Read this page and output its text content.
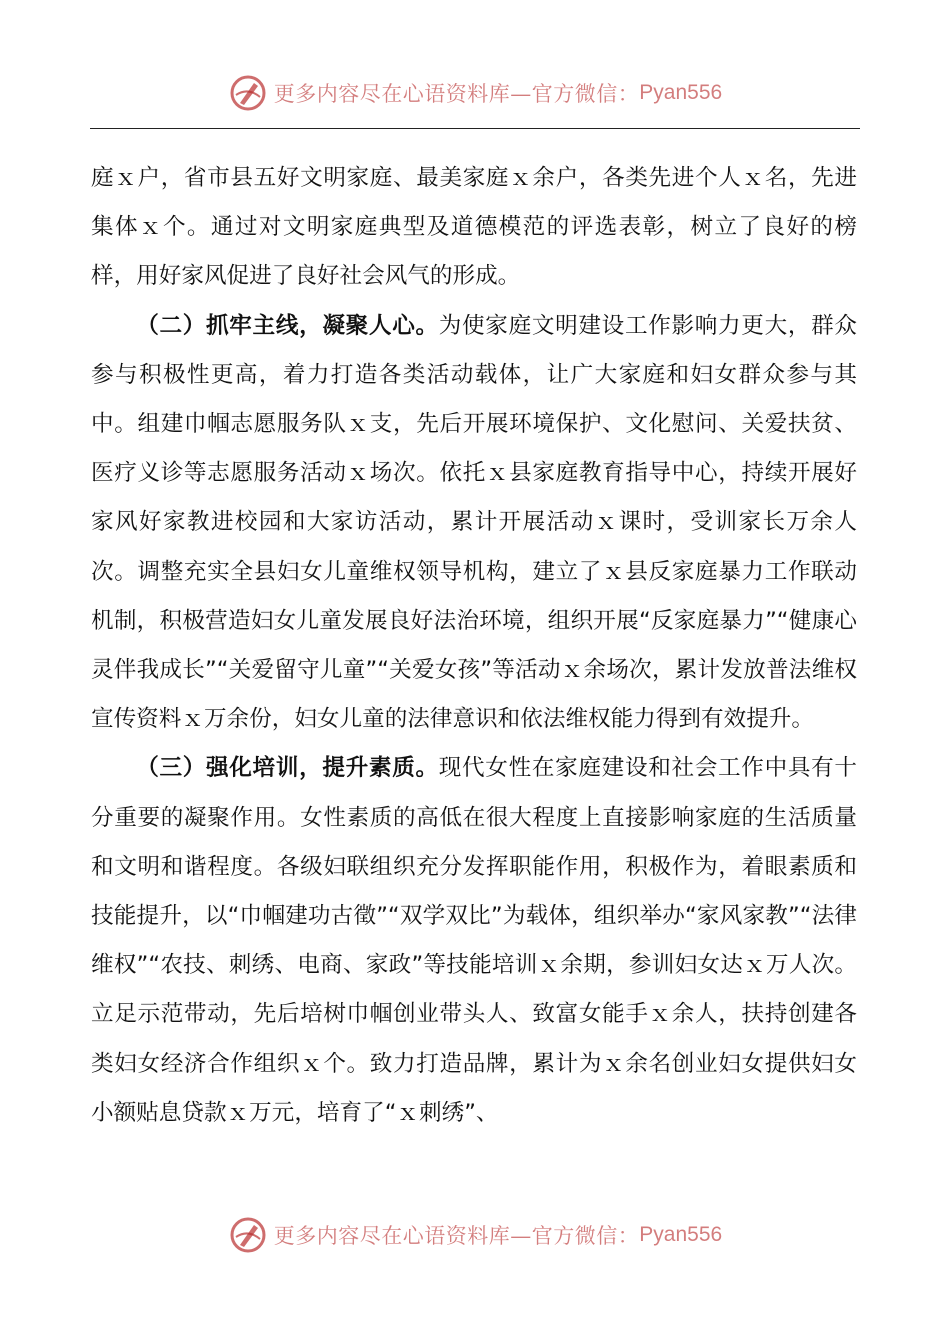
更多内容尽在心语资料库—官方微信： Pyan556

庭ｘ户，省市县五好文明家庭、最美家庭ｘ余户，各类先进个人ｘ名，先进集体ｘ个。通过对文明家庭典型及道德模范的评选表彰，树立了良好的榜样，用好家风促进了良好社会风气的形成。

（二）抓牢主线，凝聚人心。为使家庭文明建设工作影响力更大，群众参与积极性更高，着力打造各类活动载体，让广大家庭和妇女群众参与其中。组建巾帼志愿服务队ｘ支，先后开展环境保护、文化慰问、关爱扶贫、医疗义诊等志愿服务活动ｘ场次。依托ｘ县家庭教育指导中心，持续开展好家风好家教进校园和大家访活动，累计开展活动ｘ课时，受训家长万余人次。调整充实全县妇女儿童维权领导机构，建立了ｘ县反家庭暴力工作联动机制，积极营造妇女儿童发展良好法治环境，组织开展“反家庭暴力”“健康心灵伴我成长”“关爱留守儿童”“关爱女孩”等活动ｘ余场次，累计发放普法维权宣传资料ｘ万余份，妇女儿童的法律意识和依法维权能力得到有效提升。

（三）强化培训，提升素质。现代女性在家庭建设和社会工作中具有十分重要的凝聚作用。女性素质的高低在很大程度上直接影响家庭的生活质量和文明和谐程度。各级妇联组织充分发挥职能作用，积极作为，着眼素质和技能提升，以“巾帼建功古徵”“双学双比”为载体，组织举办“家风家教”“法律维权”“农技、刺绣、电商、家政”等技能培训ｘ余期，参训妇女达ｘ万人次。立足示范带动，先后培树巾帼创业带头人、致富女能手ｘ余人，扶持创建各类妇女经济合作组织ｘ个。致力打造品牌，累计为ｘ余名创业妇女提供妇女小额贴息贷款ｘ万元，培育了“ｘ刺绣”、

更多内容尽在心语资料库—官方微信： Pyan556
